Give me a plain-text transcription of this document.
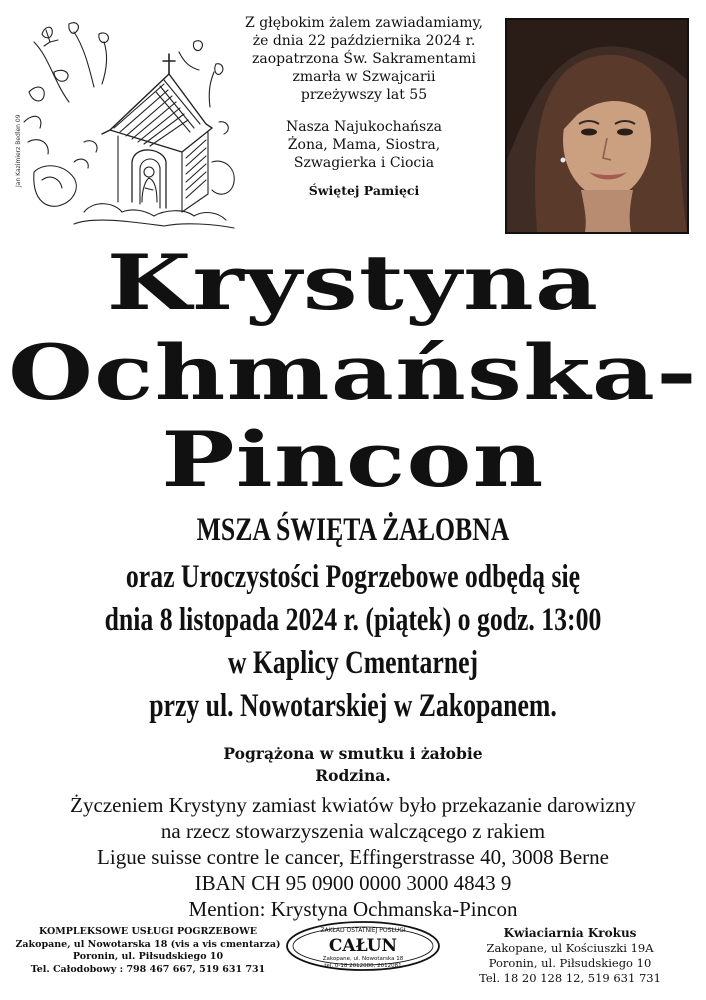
Jan Kazimierz Bedlen 09
Z głębokim żalem zawiadamiamy,
że dnia 22 października 2024 r.
zaopatrzona Św. Sakramentami
zmarła w Szwajcarii
przeżywszy lat 55
Nasza Najukochańsza
Żona, Mama, Siostra,
Szwagierka i Ciocia
Świętej Pamięci
Krystyna
Ochmańska-
Pincon
MSZA ŚWIĘTA ŻAŁOBNA
oraz Uroczystości Pogrzebowe odbędą się
dnia 8 listopada 2024 r. (piątek) o godz. 13:00
w Kaplicy Cmentarnej
przy ul. Nowotarskiej w Zakopanem.
Pogrążona w smutku i żałobie
Rodzina.
Życzeniem Krystyny zamiast kwiatów było przekazanie darowizny
na rzecz stowarzyszenia walczącego z rakiem
Ligue suisse contre le cancer, Effingerstrasse 40, 3008 Berne
IBAN CH 95 0900 0000 3000 4843 9
Mention: Krystyna Ochmanska-Pincon
KOMPLEKSOWE USŁUGI POGRZEBOWE
Zakopane, ul Nowotarska 18 (vis a vis cmentarza)
Poronin, ul. Piłsudskiego 10
Tel. Całodobowy : 798 467 667, 519 631 731
ZAKŁAD OSTATNIEJ POSŁUGI
CAŁUN
Zakopane, ul. Nowotarska 18
tel. 0-18 2012080, 2012081
Kwiaciarnia Krokus
Zakopane, ul Kościuszki 19A
Poronin, ul. Piłsudskiego 10
Tel. 18 20 128 12, 519 631 731
